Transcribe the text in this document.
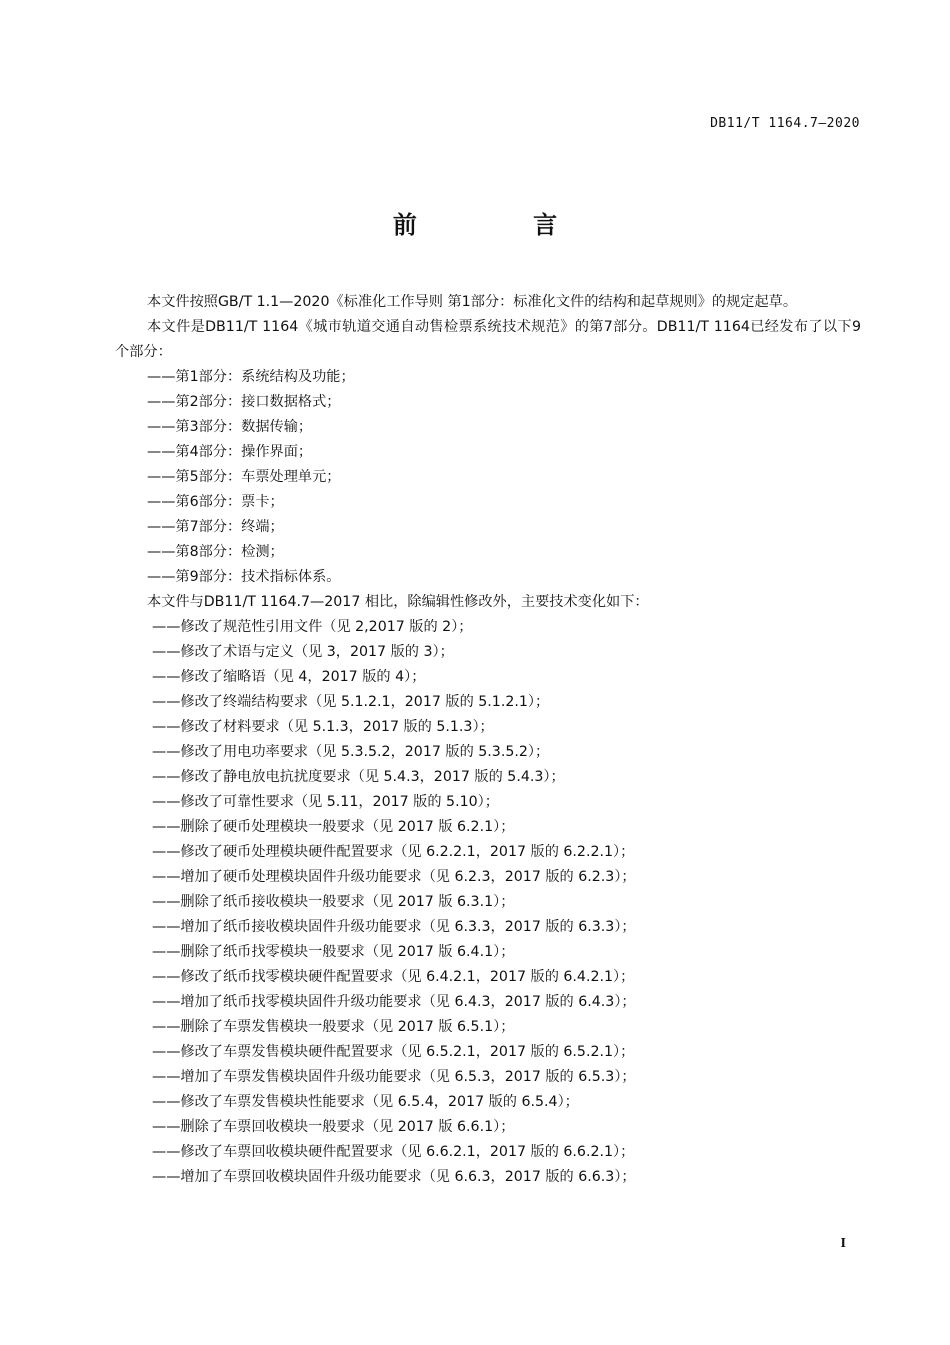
DB11/T 1164.7—2020
前 言

本文件按照GB/T 1.1—2020《标准化工作导则 第1部分：标准化文件的结构和起草规则》的规定起草。

本文件是DB11/T 1164《城市轨道交通自动售检票系统技术规范》的第7部分。DB11/T 1164已经发布了以下9个部分：

——第1部分：系统结构及功能；
——第2部分：接口数据格式；
——第3部分：数据传输；
——第4部分：操作界面；
——第5部分：车票处理单元；
——第6部分：票卡；
——第7部分：终端；
——第8部分：检测；
——第9部分：技术指标体系。

本文件与DB11/T 1164.7—2017 相比，除编辑性修改外，主要技术变化如下：

——修改了规范性引用文件（见 2,2017 版的 2）；
——修改了术语与定义（见 3，2017 版的 3）；
——修改了缩略语（见 4，2017 版的 4）；
——修改了终端结构要求（见 5.1.2.1，2017 版的 5.1.2.1）；
——修改了材料要求（见 5.1.3，2017 版的 5.1.3）；
——修改了用电功率要求（见 5.3.5.2，2017 版的 5.3.5.2）；
——修改了静电放电抗扰度要求（见 5.4.3，2017 版的 5.4.3）；
——修改了可靠性要求（见 5.11，2017 版的 5.10）；
——删除了硬币处理模块一般要求（见 2017 版 6.2.1）；
——修改了硬币处理模块硬件配置要求（见 6.2.2.1，2017 版的 6.2.2.1）；
——增加了硬币处理模块固件升级功能要求（见 6.2.3，2017 版的 6.2.3）；
——删除了纸币接收模块一般要求（见 2017 版 6.3.1）；
——增加了纸币接收模块固件升级功能要求（见 6.3.3，2017 版的 6.3.3）；
——删除了纸币找零模块一般要求（见 2017 版 6.4.1）；
——修改了纸币找零模块硬件配置要求（见 6.4.2.1，2017 版的 6.4.2.1）；
——增加了纸币找零模块固件升级功能要求（见 6.4.3，2017 版的 6.4.3）；
——删除了车票发售模块一般要求（见 2017 版 6.5.1）；
——修改了车票发售模块硬件配置要求（见 6.5.2.1，2017 版的 6.5.2.1）；
——增加了车票发售模块固件升级功能要求（见 6.5.3，2017 版的 6.5.3）；
——修改了车票发售模块性能要求（见 6.5.4，2017 版的 6.5.4）；
——删除了车票回收模块一般要求（见 2017 版 6.6.1）；
——修改了车票回收模块硬件配置要求（见 6.6.2.1，2017 版的 6.6.2.1）；
——增加了车票回收模块固件升级功能要求（见 6.6.3，2017 版的 6.6.3）；
I
